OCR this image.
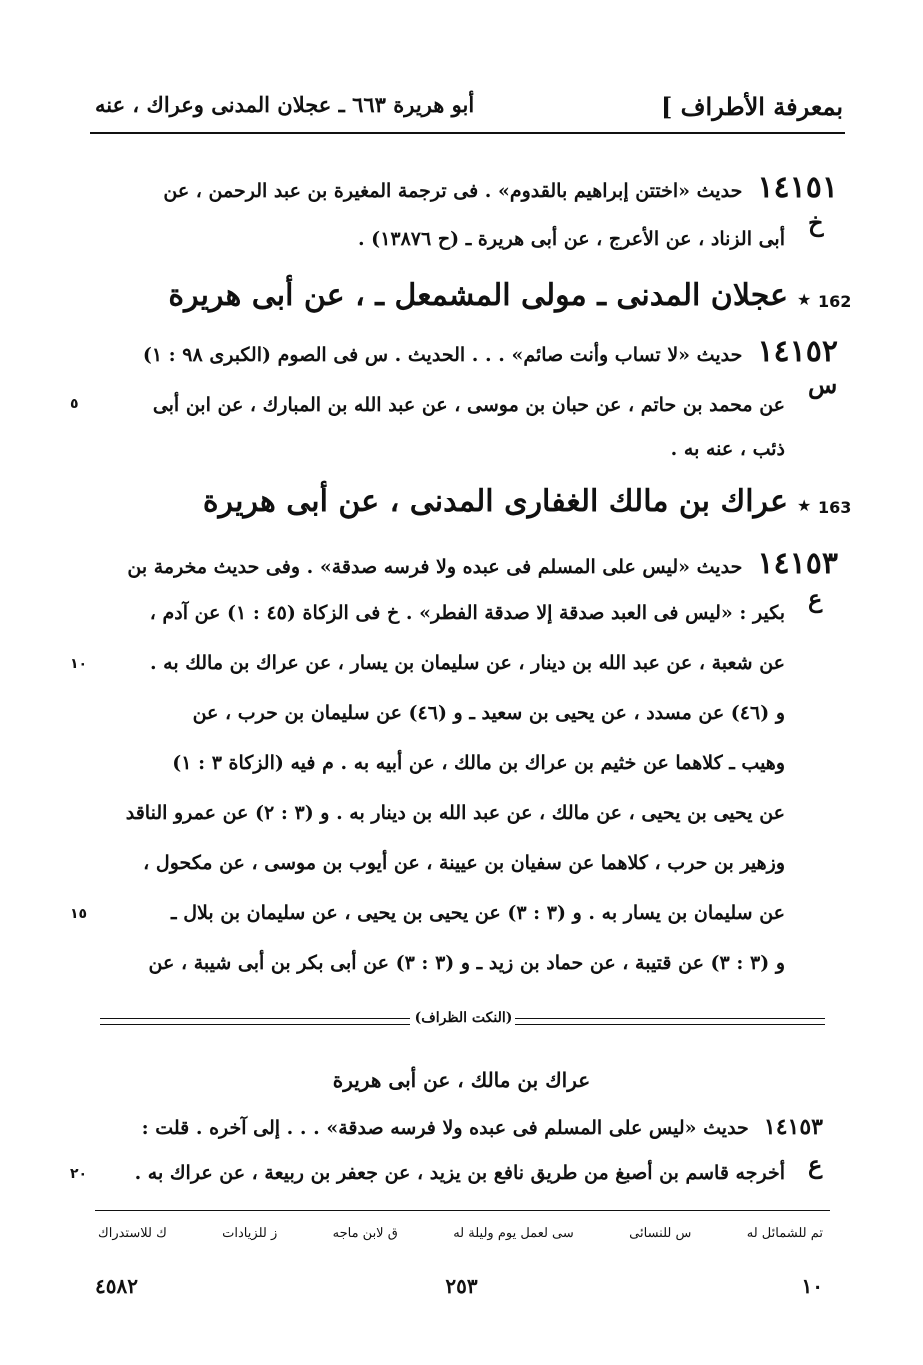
بمعرفة الأطراف ]
أبو هريرة ٦٦٣ ـ عجلان المدنى وعراك ، عنه
١٤١٥١ حديث «اختتن إبراهيم بالقدوم» . فى ترجمة المغيرة بن عبد الرحمن ، عن
خ
أبى الزناد ، عن الأعرج ، عن أبى هريرة ـ (ح ١٣٨٧٦) .
162
★
عجلان المدنى ـ مولى المشمعل ـ ، عن أبى هريرة
١٤١٥٢ حديث «لا تساب وأنت صائم» . . . الحديث . س فى الصوم (الكبرى ٩٨ : ١)
س
عن محمد بن حاتم ، عن حبان بن موسى ، عن عبد الله بن المبارك ، عن ابن أبى
ذئب ، عنه به .
٥
163
★
عراك بن مالك الغفارى المدنى ، عن أبى هريرة
١٤١٥٣ حديث «ليس على المسلم فى عبده ولا فرسه صدقة» . وفى حديث مخرمة بن
ع
بكير : «ليس فى العبد صدقة إلا صدقة الفطر» . خ فى الزكاة (٤٥ : ١) عن آدم ،
عن شعبة ، عن عبد الله بن دينار ، عن سليمان بن يسار ، عن عراك بن مالك به .
و (٤٦) عن مسدد ، عن يحيى بن سعيد ـ و (٤٦) عن سليمان بن حرب ، عن
وهيب ـ كلاهما عن خثيم بن عراك بن مالك ، عن أبيه به . م فيه (الزكاة ٣ : ١)
عن يحيى بن يحيى ، عن مالك ، عن عبد الله بن دينار به . و (٣ : ٢) عن عمرو الناقد
وزهير بن حرب ، كلاهما عن سفيان بن عيينة ، عن أيوب بن موسى ، عن مكحول ،
عن سليمان بن يسار به . و (٣ : ٣) عن يحيى بن يحيى ، عن سليمان بن بلال ـ
و (٣ : ٣) عن قتيبة ، عن حماد بن زيد ـ و (٣ : ٣) عن أبى بكر بن أبى شيبة ، عن
١٠
١٥
(النكت الظراف)
عراك بن مالك ، عن أبى هريرة
١٤١٥٣ حديث «ليس على المسلم فى عبده ولا فرسه صدقة» . . . إلى آخره . قلت :
ع
أخرجه قاسم بن أصبغ من طريق نافع بن يزيد ، عن جعفر بن ربيعة ، عن عراك به .
٢٠
تم للشمائل له
س للنسائى
سى لعمل يوم وليلة له
ق لابن ماجه
ز للزيادات
ك للاستدراك
١٠
٢٥٣
٤٥٨٢
